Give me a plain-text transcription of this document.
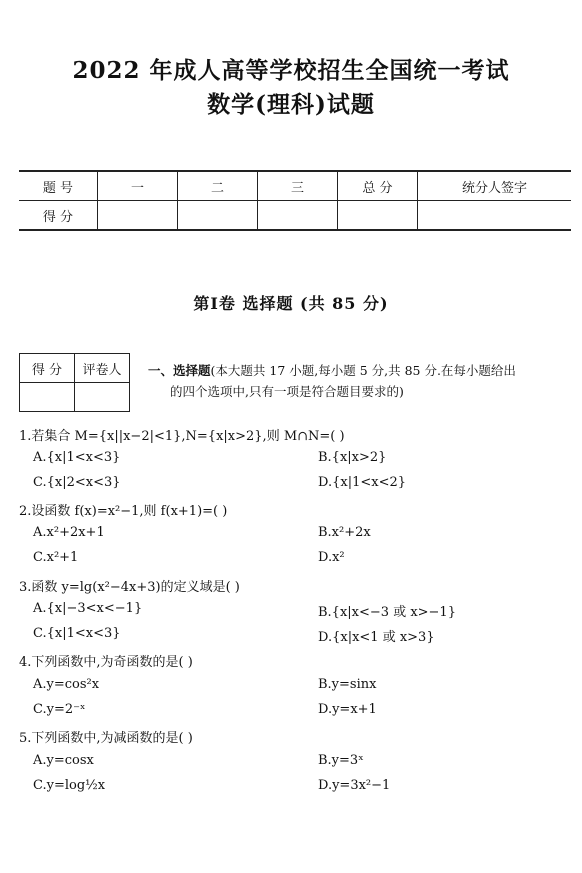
2022 年成人高等学校招生全国统一考试
数学(理科)试题
题 号	一	二	三	总 分	统分人签字
得 分					
第Ⅰ卷 选择题 (共 85 分)
得 分	评卷人
	一、选择题(本大题共 17 小题,每小题 5 分,共 85 分.在每小题给出
的四个选项中,只有一项是符合题目要求的)
1.若集合 M={x||x−2|<1},N={x|x>2},则 M∩N=( )
A.{x|1<x<3}	B.{x|x>2}
C.{x|2<x<3}	D.{x|1<x<2}
2.设函数 f(x)=x²−1,则 f(x+1)=( )
A.x²+2x+1	B.x²+2x
C.x²+1	D.x²
3.函数 y=lg(x²−4x+3)的定义域是( )
A.{x|−3<x<−1}	B.{x|x<−3 或 x>−1}
C.{x|1<x<3}	D.{x|x<1 或 x>3}
4.下列函数中,为奇函数的是( )
A.y=cos²x	B.y=sinx
C.y=2⁻ˣ	D.y=x+1
5.下列函数中,为减函数的是( )
A.y=cosx	B.y=3ˣ
C.y=log½x	D.y=3x²−1
